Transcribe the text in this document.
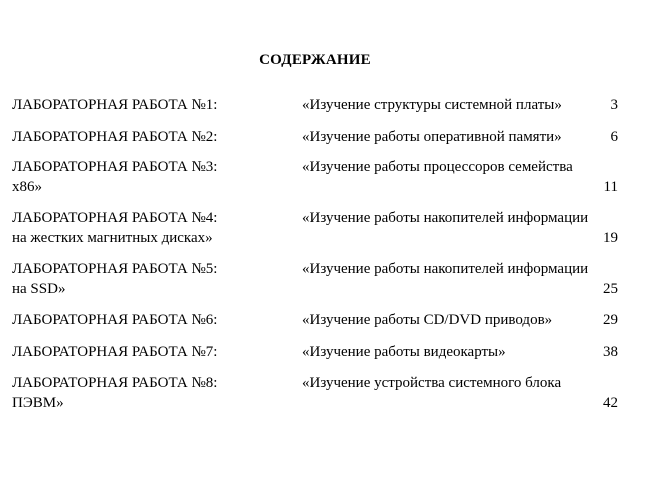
СОДЕРЖАНИЕ
ЛАБОРАТОРНАЯ РАБОТА №1:	«Изучение структуры системной платы»	3
ЛАБОРАТОРНАЯ РАБОТА №2:	«Изучение работы оперативной памяти»	6
ЛАБОРАТОРНАЯ РАБОТА №3:	«Изучение работы процессоров семейства
х86»	11
ЛАБОРАТОРНАЯ РАБОТА №4:	«Изучение работы накопителей информации
на жестких магнитных дисках»	19
ЛАБОРАТОРНАЯ РАБОТА №5:	«Изучение работы накопителей информации
на SSD»	25
ЛАБОРАТОРНАЯ РАБОТА №6:	«Изучение работы CD/DVD приводов»	29
ЛАБОРАТОРНАЯ РАБОТА №7:	«Изучение работы видеокарты»	38
ЛАБОРАТОРНАЯ РАБОТА №8:	«Изучение устройства системного блока
ПЭВМ»	42
